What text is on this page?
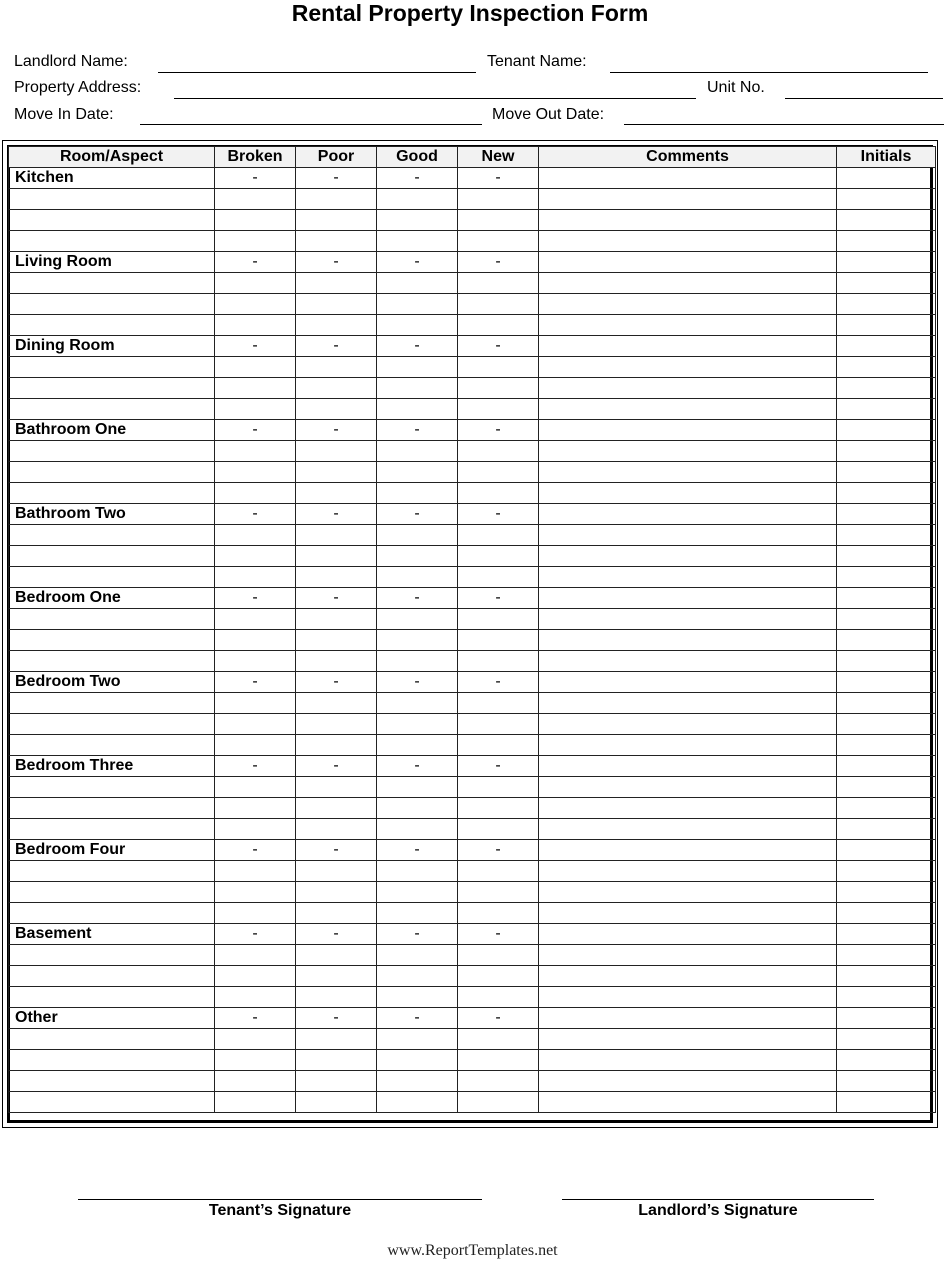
Rental Property Inspection Form
Landlord Name:	Tenant Name:
Property Address:	Unit No.
Move In Date:	Move Out Date:
Room/Aspect	Broken	Poor	Good	New	Comments	Initials
Kitchen	-	-	-	-		

Living Room	-	-	-	-		

Dining Room	-	-	-	-		

Bathroom One	-	-	-	-		

Bathroom Two	-	-	-	-		

Bedroom One	-	-	-	-		

Bedroom Two	-	-	-	-		

Bedroom Three	-	-	-	-		

Bedroom Four	-	-	-	-		

Basement	-	-	-	-		

Other	-	-	-	-		

Tenant’s Signature	Landlord’s Signature
www.ReportTemplates.net
